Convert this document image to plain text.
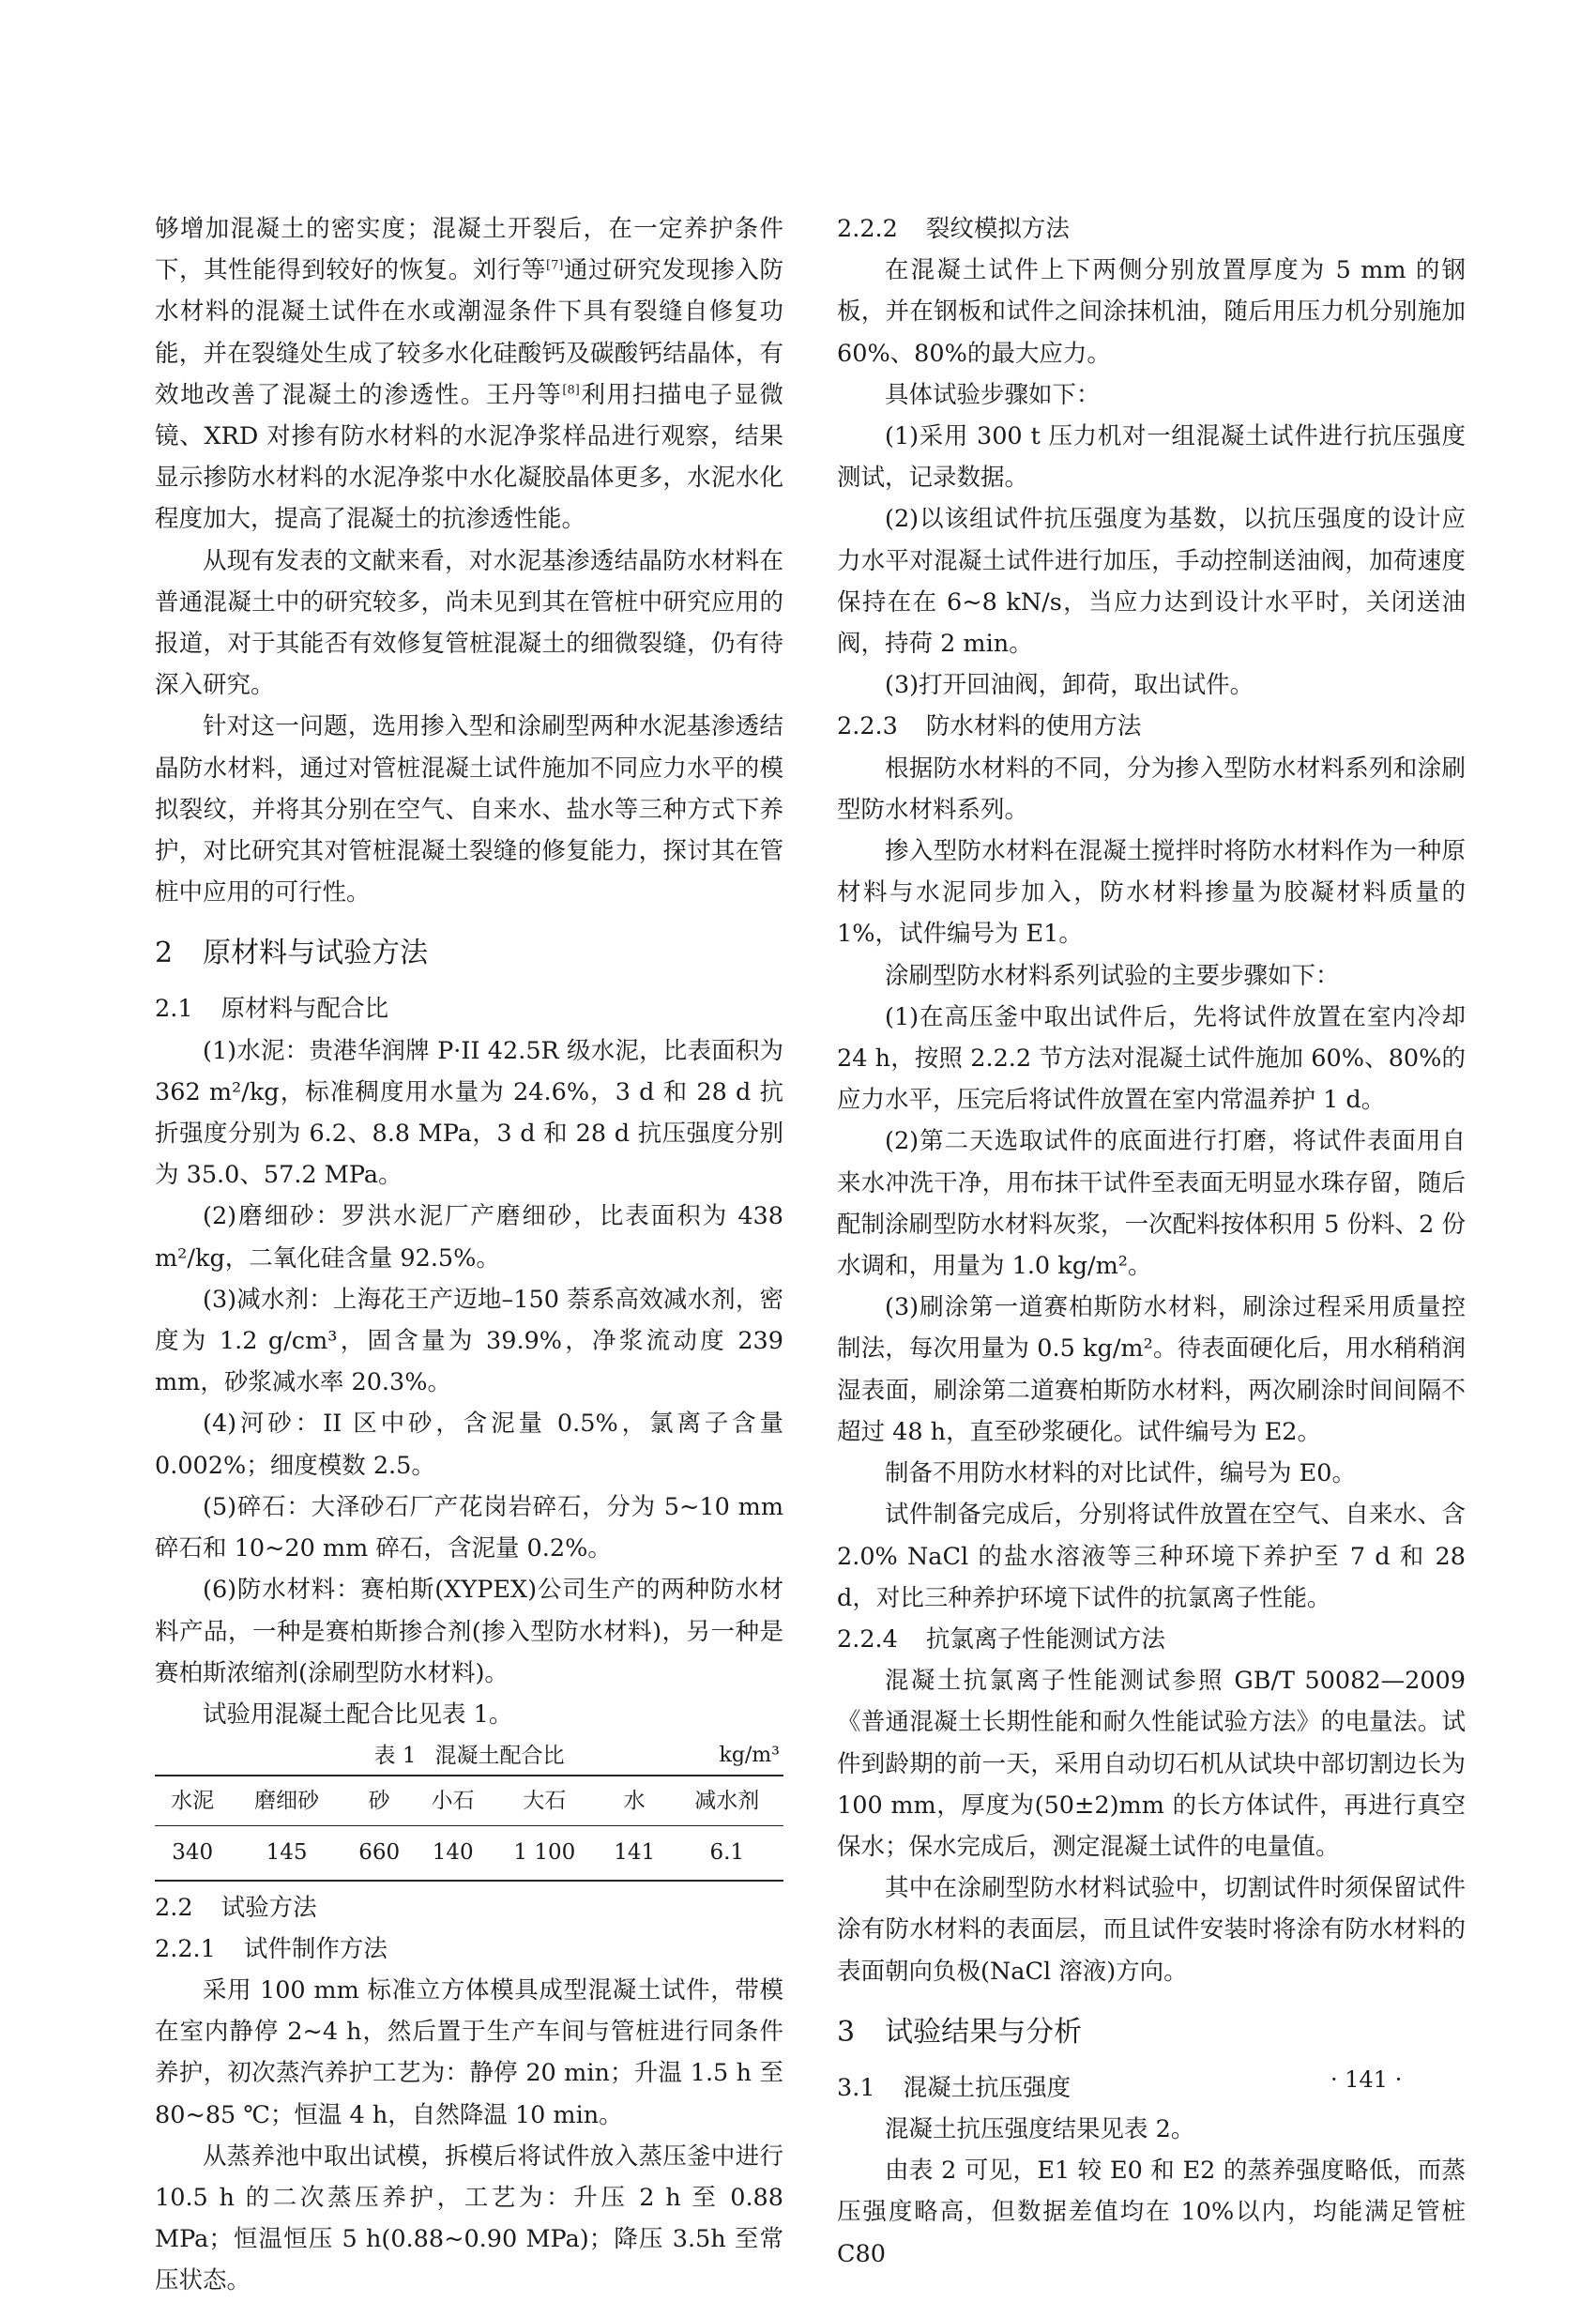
够增加混凝土的密实度；混凝土开裂后，在一定养护条件下，其性能得到较好的恢复。刘行等[7]通过研究发现掺入防水材料的混凝土试件在水或潮湿条件下具有裂缝自修复功能，并在裂缝处生成了较多水化硅酸钙及碳酸钙结晶体，有效地改善了混凝土的渗透性。王丹等[8]利用扫描电子显微镜、XRD 对掺有防水材料的水泥净浆样品进行观察，结果显示掺防水材料的水泥净浆中水化凝胶晶体更多，水泥水化程度加大，提高了混凝土的抗渗透性能。

从现有发表的文献来看，对水泥基渗透结晶防水材料在普通混凝土中的研究较多，尚未见到其在管桩中研究应用的报道，对于其能否有效修复管桩混凝土的细微裂缝，仍有待深入研究。

针对这一问题，选用掺入型和涂刷型两种水泥基渗透结晶防水材料，通过对管桩混凝土试件施加不同应力水平的模拟裂纹，并将其分别在空气、自来水、盐水等三种方式下养护，对比研究其对管桩混凝土裂缝的修复能力，探讨其在管桩中应用的可行性。

2 原材料与试验方法
2.1 原材料与配合比

(1)水泥：贵港华润牌 P·II 42.5R 级水泥，比表面积为 362 m²/kg，标准稠度用水量为 24.6%，3 d 和 28 d 抗折强度分别为 6.2、8.8 MPa，3 d 和 28 d 抗压强度分别为 35.0、57.2 MPa。

(2)磨细砂：罗洪水泥厂产磨细砂，比表面积为 438 m²/kg，二氧化硅含量 92.5%。

(3)减水剂：上海花王产迈地–150 萘系高效减水剂，密度为 1.2 g/cm³，固含量为 39.9%，净浆流动度 239 mm，砂浆减水率 20.3%。

(4)河砂：II 区中砂，含泥量 0.5%，氯离子含量0.002%；细度模数 2.5。

(5)碎石：大泽砂石厂产花岗岩碎石，分为 5~10 mm 碎石和 10~20 mm 碎石，含泥量 0.2%。

(6)防水材料：赛柏斯(XYPEX)公司生产的两种防水材料产品，一种是赛柏斯掺合剂(掺入型防水材料)，另一种是赛柏斯浓缩剂(涂刷型防水材料)。

试验用混凝土配合比见表 1。

表 1 混凝土配合比	kg/m³
水泥	磨细砂	砂	小石	大石	水	减水剂
340	145	660	140	1 100	141	6.1
2.2 试验方法
2.2.1 试件制作方法

采用 100 mm 标准立方体模具成型混凝土试件，带模在室内静停 2~4 h，然后置于生产车间与管桩进行同条件养护，初次蒸汽养护工艺为：静停 20 min；升温 1.5 h 至 80~85 ℃；恒温 4 h，自然降温 10 min。

从蒸养池中取出试模，拆模后将试件放入蒸压釜中进行 10.5 h 的二次蒸压养护，工艺为：升压 2 h 至 0.88 MPa；恒温恒压 5 h(0.88~0.90 MPa)；降压 3.5h 至常压状态。

2.2.2 裂纹模拟方法

在混凝土试件上下两侧分别放置厚度为 5 mm 的钢板，并在钢板和试件之间涂抹机油，随后用压力机分别施加 60%、80%的最大应力。

具体试验步骤如下：

(1)采用 300 t 压力机对一组混凝土试件进行抗压强度测试，记录数据。

(2)以该组试件抗压强度为基数，以抗压强度的设计应力水平对混凝土试件进行加压，手动控制送油阀，加荷速度保持在在 6~8 kN/s，当应力达到设计水平时，关闭送油阀，持荷 2 min。

(3)打开回油阀，卸荷，取出试件。

2.2.3 防水材料的使用方法

根据防水材料的不同，分为掺入型防水材料系列和涂刷型防水材料系列。

掺入型防水材料在混凝土搅拌时将防水材料作为一种原材料与水泥同步加入，防水材料掺量为胶凝材料质量的 1%，试件编号为 E1。

涂刷型防水材料系列试验的主要步骤如下：

(1)在高压釜中取出试件后，先将试件放置在室内冷却 24 h，按照 2.2.2 节方法对混凝土试件施加 60%、80%的应力水平，压完后将试件放置在室内常温养护 1 d。

(2)第二天选取试件的底面进行打磨，将试件表面用自来水冲洗干净，用布抹干试件至表面无明显水珠存留，随后配制涂刷型防水材料灰浆，一次配料按体积用 5 份料、2 份水调和，用量为 1.0 kg/m²。

(3)刷涂第一道赛柏斯防水材料，刷涂过程采用质量控制法，每次用量为 0.5 kg/m²。待表面硬化后，用水稍稍润湿表面，刷涂第二道赛柏斯防水材料，两次刷涂时间间隔不超过 48 h，直至砂浆硬化。试件编号为 E2。

制备不用防水材料的对比试件，编号为 E0。

试件制备完成后，分别将试件放置在空气、自来水、含 2.0% NaCl 的盐水溶液等三种环境下养护至 7 d 和 28 d，对比三种养护环境下试件的抗氯离子性能。

2.2.4 抗氯离子性能测试方法

混凝土抗氯离子性能测试参照 GB/T 50082—2009《普通混凝土长期性能和耐久性能试验方法》的电量法。试件到龄期的前一天，采用自动切石机从试块中部切割边长为 100 mm，厚度为(50±2)mm 的长方体试件，再进行真空保水；保水完成后，测定混凝土试件的电量值。

其中在涂刷型防水材料试验中，切割试件时须保留试件涂有防水材料的表面层，而且试件安装时将涂有防水材料的表面朝向负极(NaCl 溶液)方向。

3 试验结果与分析
3.1 混凝土抗压强度

混凝土抗压强度结果见表 2。

由表 2 可见，E1 较 E0 和 E2 的蒸养强度略低，而蒸压强度略高，但数据差值均在 10%以内，均能满足管桩 C80

· 141 ·
